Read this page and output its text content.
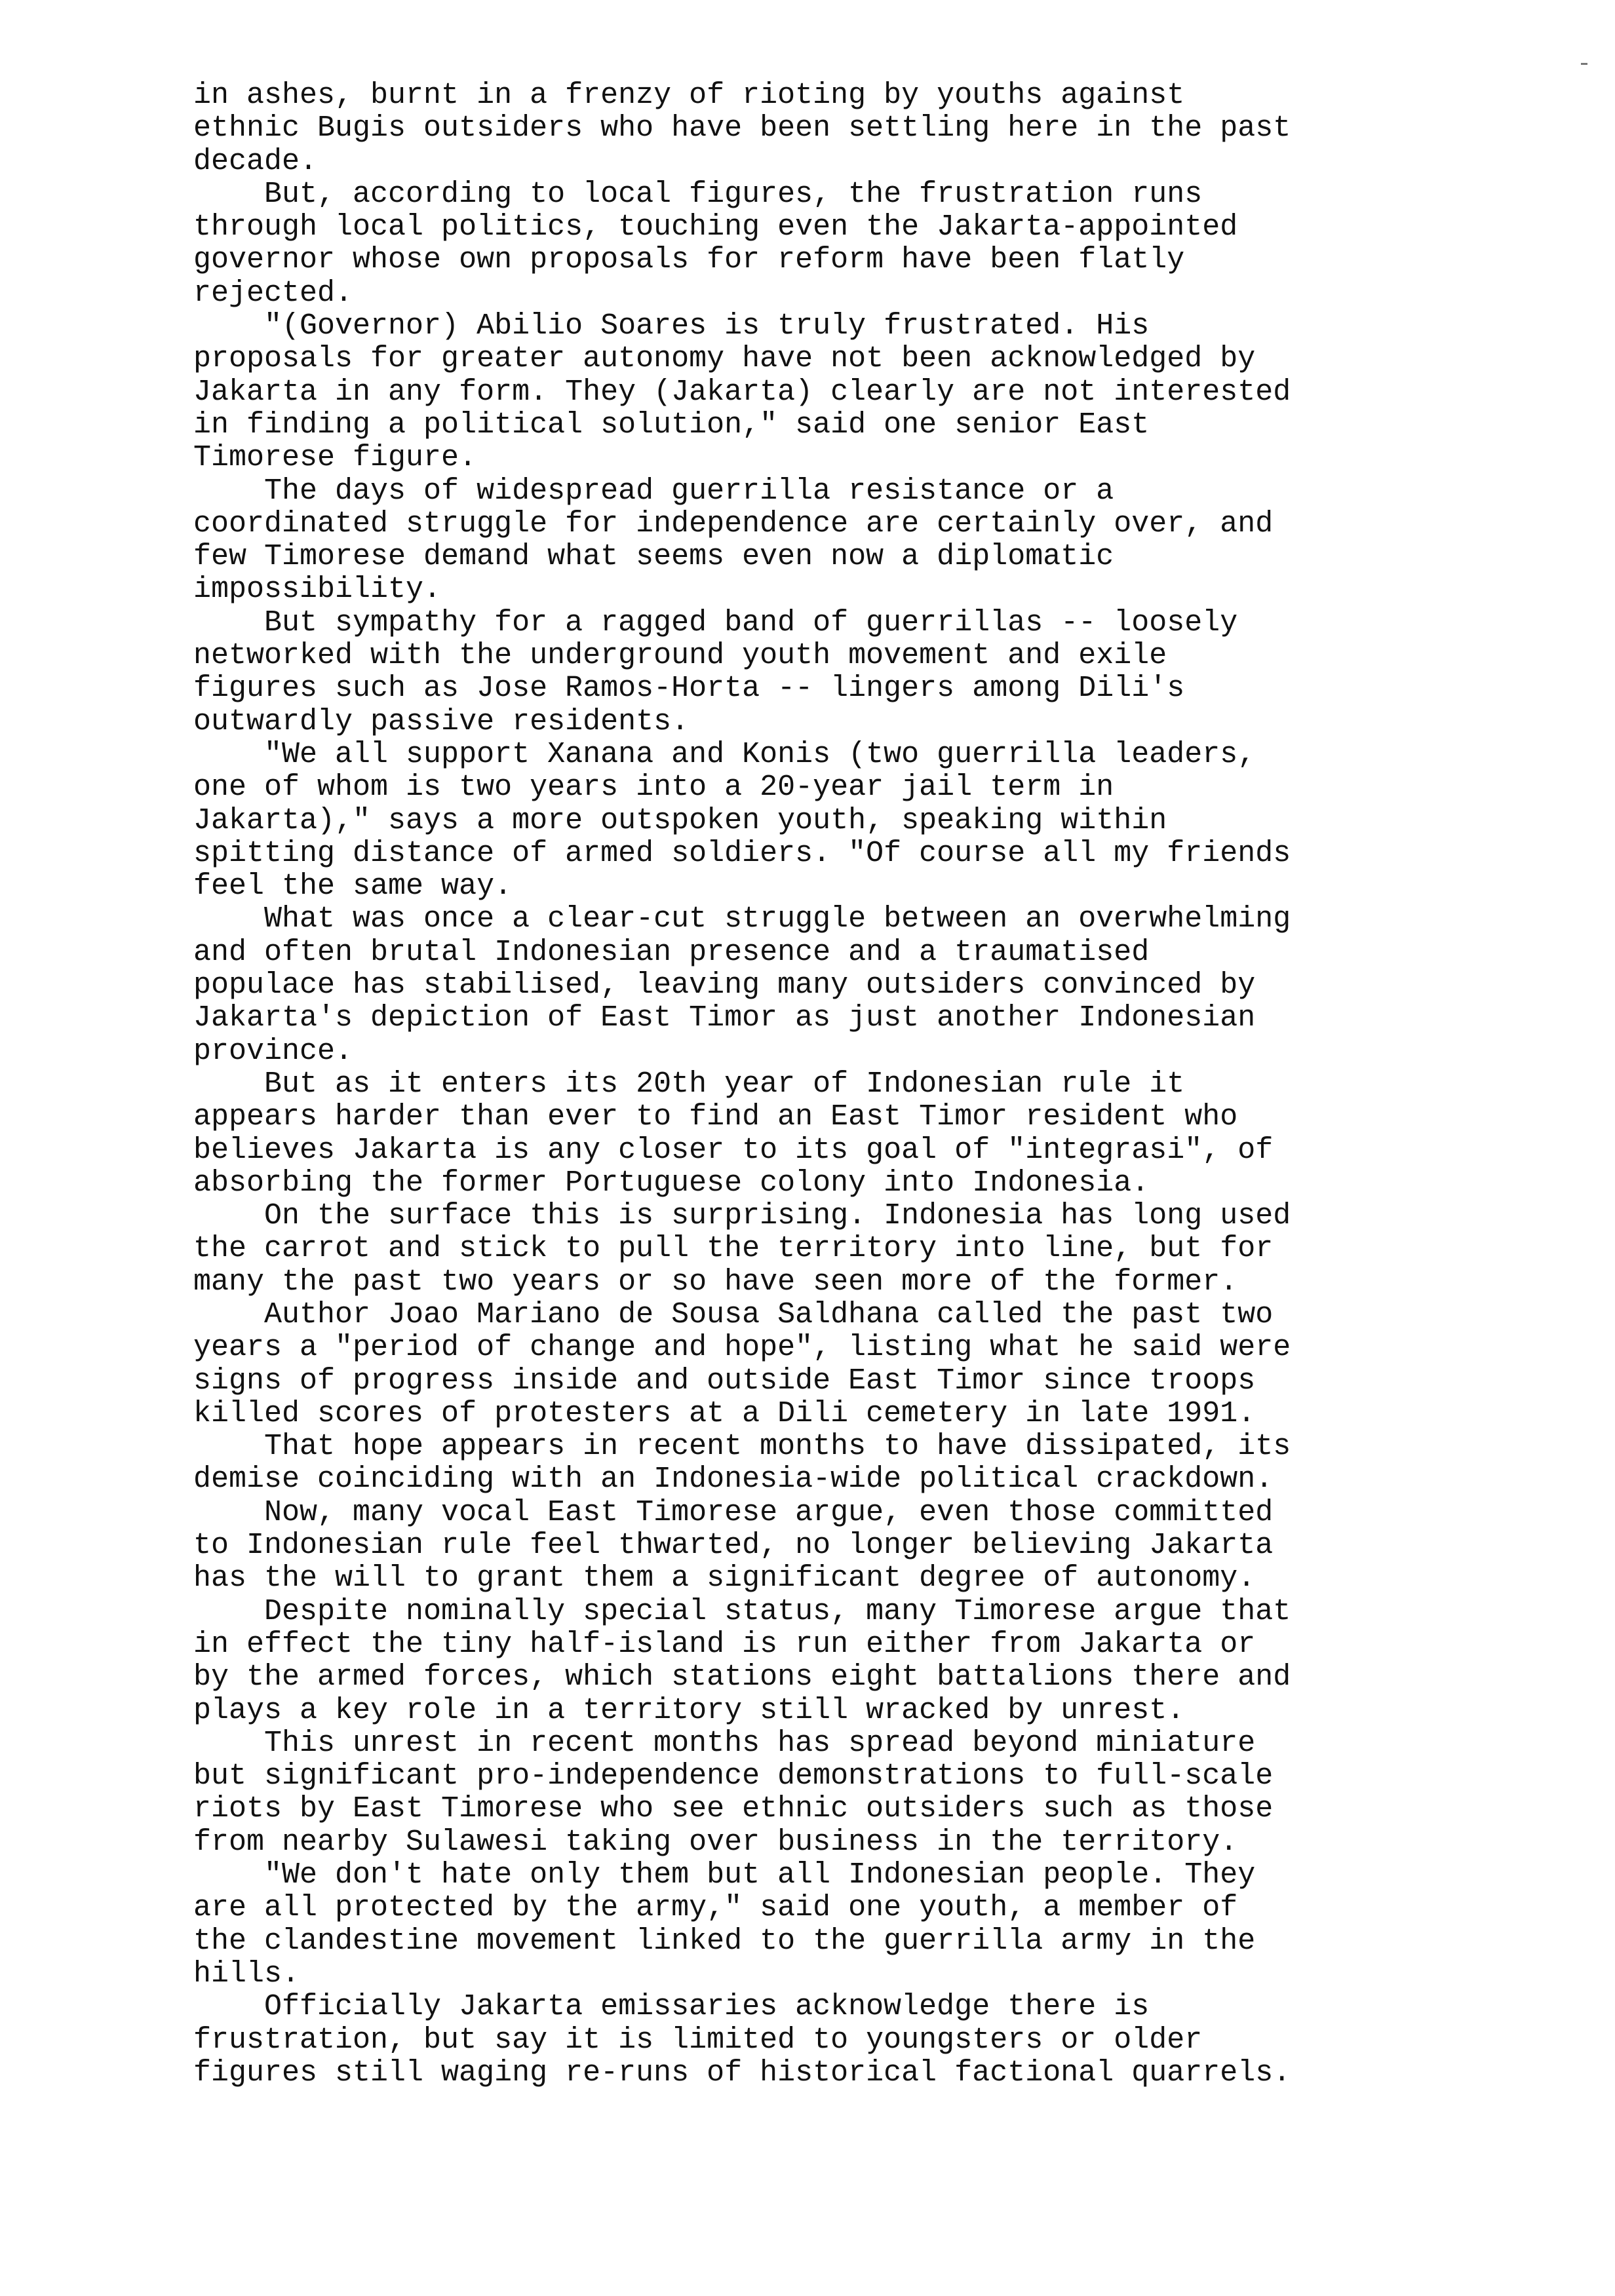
in ashes, burnt in a frenzy of rioting by youths against
ethnic Bugis outsiders who have been settling here in the past
decade.
But, according to local figures, the frustration runs
through local politics, touching even the Jakarta-appointed
governor whose own proposals for reform have been flatly
rejected.
"(Governor) Abilio Soares is truly frustrated. His
proposals for greater autonomy have not been acknowledged by
Jakarta in any form. They (Jakarta) clearly are not interested
in finding a political solution," said one senior East
Timorese figure.
The days of widespread guerrilla resistance or a
coordinated struggle for independence are certainly over, and
few Timorese demand what seems even now a diplomatic
impossibility.
But sympathy for a ragged band of guerrillas -- loosely
networked with the underground youth movement and exile
figures such as Jose Ramos-Horta -- lingers among Dili's
outwardly passive residents.
"We all support Xanana and Konis (two guerrilla leaders,
one of whom is two years into a 20-year jail term in
Jakarta)," says a more outspoken youth, speaking within
spitting distance of armed soldiers. "Of course all my friends
feel the same way.
What was once a clear-cut struggle between an overwhelming
and often brutal Indonesian presence and a traumatised
populace has stabilised, leaving many outsiders convinced by
Jakarta's depiction of East Timor as just another Indonesian
province.
But as it enters its 20th year of Indonesian rule it
appears harder than ever to find an East Timor resident who
believes Jakarta is any closer to its goal of "integrasi", of
absorbing the former Portuguese colony into Indonesia.
On the surface this is surprising. Indonesia has long used
the carrot and stick to pull the territory into line, but for
many the past two years or so have seen more of the former.
Author Joao Mariano de Sousa Saldhana called the past two
years a "period of change and hope", listing what he said were
signs of progress inside and outside East Timor since troops
killed scores of protesters at a Dili cemetery in late 1991.
That hope appears in recent months to have dissipated, its
demise coinciding with an Indonesia-wide political crackdown.
Now, many vocal East Timorese argue, even those committed
to Indonesian rule feel thwarted, no longer believing Jakarta
has the will to grant them a significant degree of autonomy.
Despite nominally special status, many Timorese argue that
in effect the tiny half-island is run either from Jakarta or
by the armed forces, which stations eight battalions there and
plays a key role in a territory still wracked by unrest.
This unrest in recent months has spread beyond miniature
but significant pro-independence demonstrations to full-scale
riots by East Timorese who see ethnic outsiders such as those
from nearby Sulawesi taking over business in the territory.
"We don't hate only them but all Indonesian people. They
are all protected by the army," said one youth, a member of
the clandestine movement linked to the guerrilla army in the
hills.
Officially Jakarta emissaries acknowledge there is
frustration, but say it is limited to youngsters or older
figures still waging re-runs of historical factional quarrels.
